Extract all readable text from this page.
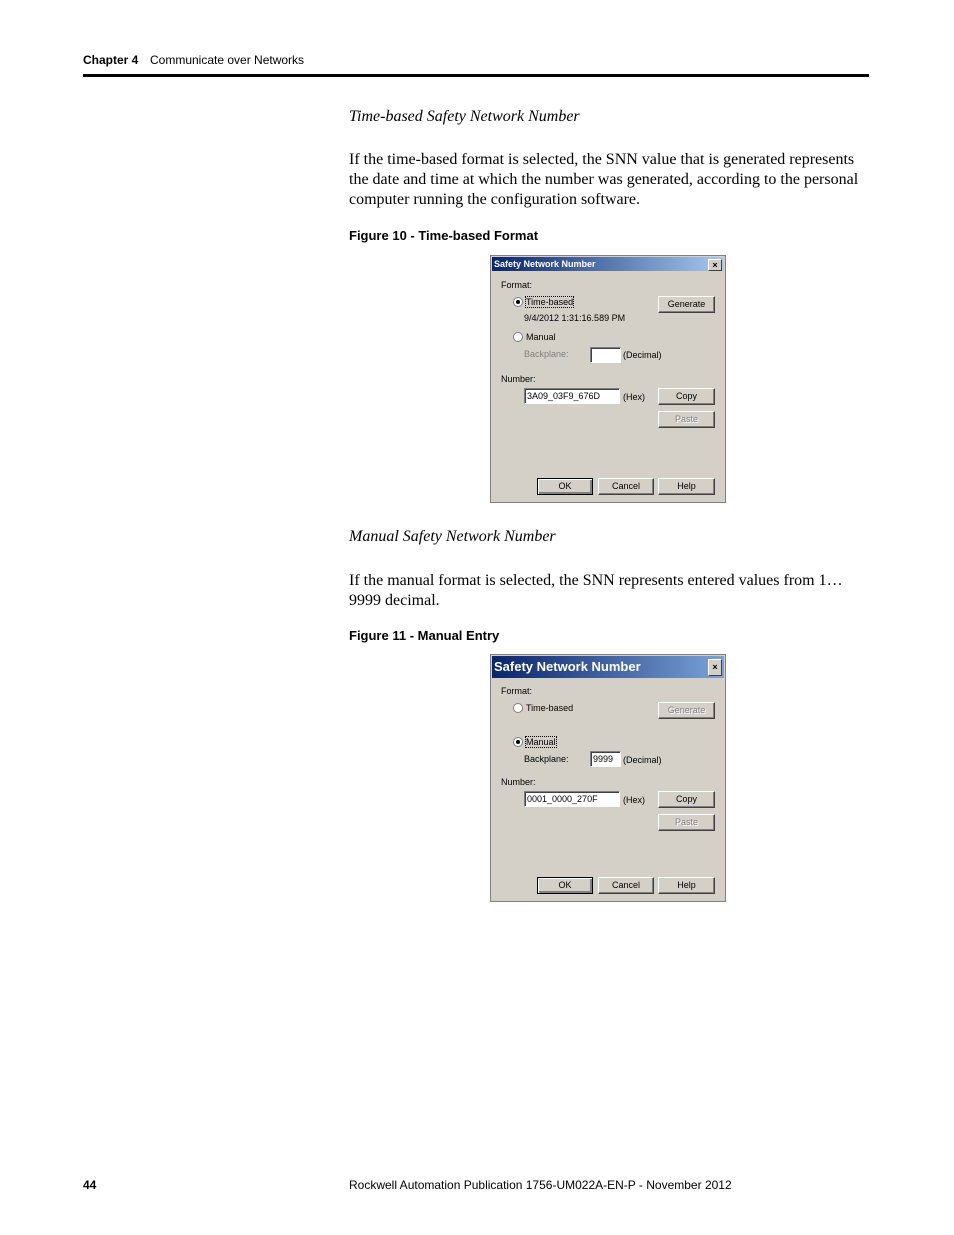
Chapter 4 Communicate over Networks
Time-based Safety Network Number
If the time-based format is selected, the SNN value that is generated represents the date and time at which the number was generated, according to the personal computer running the configuration software.
Figure 10 - Time-based Format
Safety Network Number	×
Format:
Time-based
9/4/2012 1:31:16.589 PM
Manual
Backplane:	(Decimal)
Number:
3A09_03F9_676D	(Hex)
Generate
Copy
Paste
OK	Cancel	Help
Manual Safety Network Number
If the manual format is selected, the SNN represents entered values from 1…9999 decimal.
Figure 11 - Manual Entry
Safety Network Number	×
Format:
Time-based
Manual
Backplane:	9999	(Decimal)
Number:
0001_0000_270F	(Hex)
Generate
Copy
Paste
OK	Cancel	Help
44	Rockwell Automation Publication 1756-UM022A-EN-P - November 2012
